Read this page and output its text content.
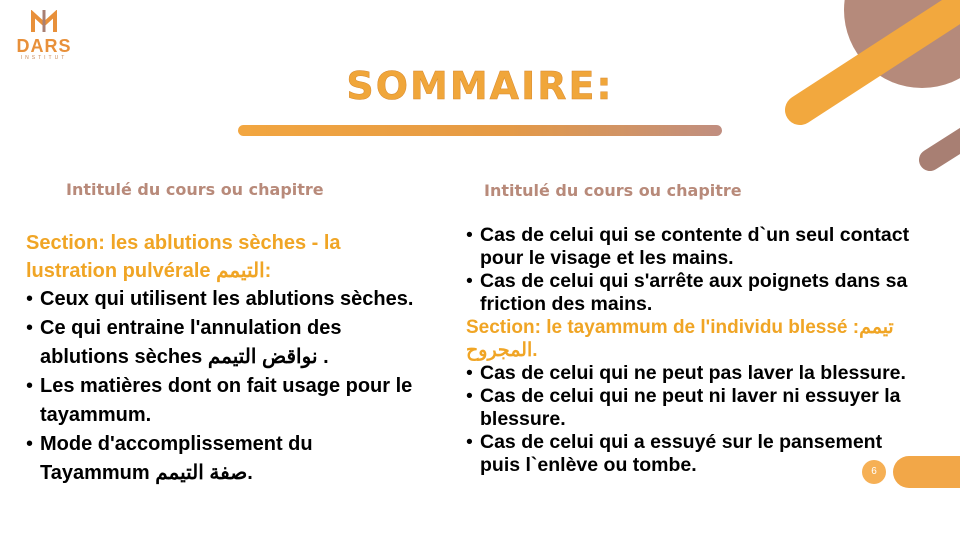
DARS
INSTITUT
SOMMAIRE:
Intitulé du cours ou chapitre	Intitulé du cours ou chapitre
Section: les ablutions sèches - la lustration pulvérale التيمم:
• Ceux qui utilisent les ablutions sèches.
• Ce qui entraine l'annulation des ablutions sèches نواقض التيمم .
• Les matières dont on fait usage pour le tayammum.
• Mode d'accomplissement du Tayammum صفة التيمم.
• Cas de celui qui se contente d`un seul contact pour le visage et les mains.
• Cas de celui qui s'arrête aux poignets dans sa friction des mains.
Section: le tayammum de l'individu blessé :تيمم المجروح.
• Cas de celui qui ne peut pas laver la blessure.
• Cas de celui qui ne peut ni laver ni essuyer la blessure.
• Cas de celui qui a essuyé sur le pansement puis l`enlève ou tombe.	6
